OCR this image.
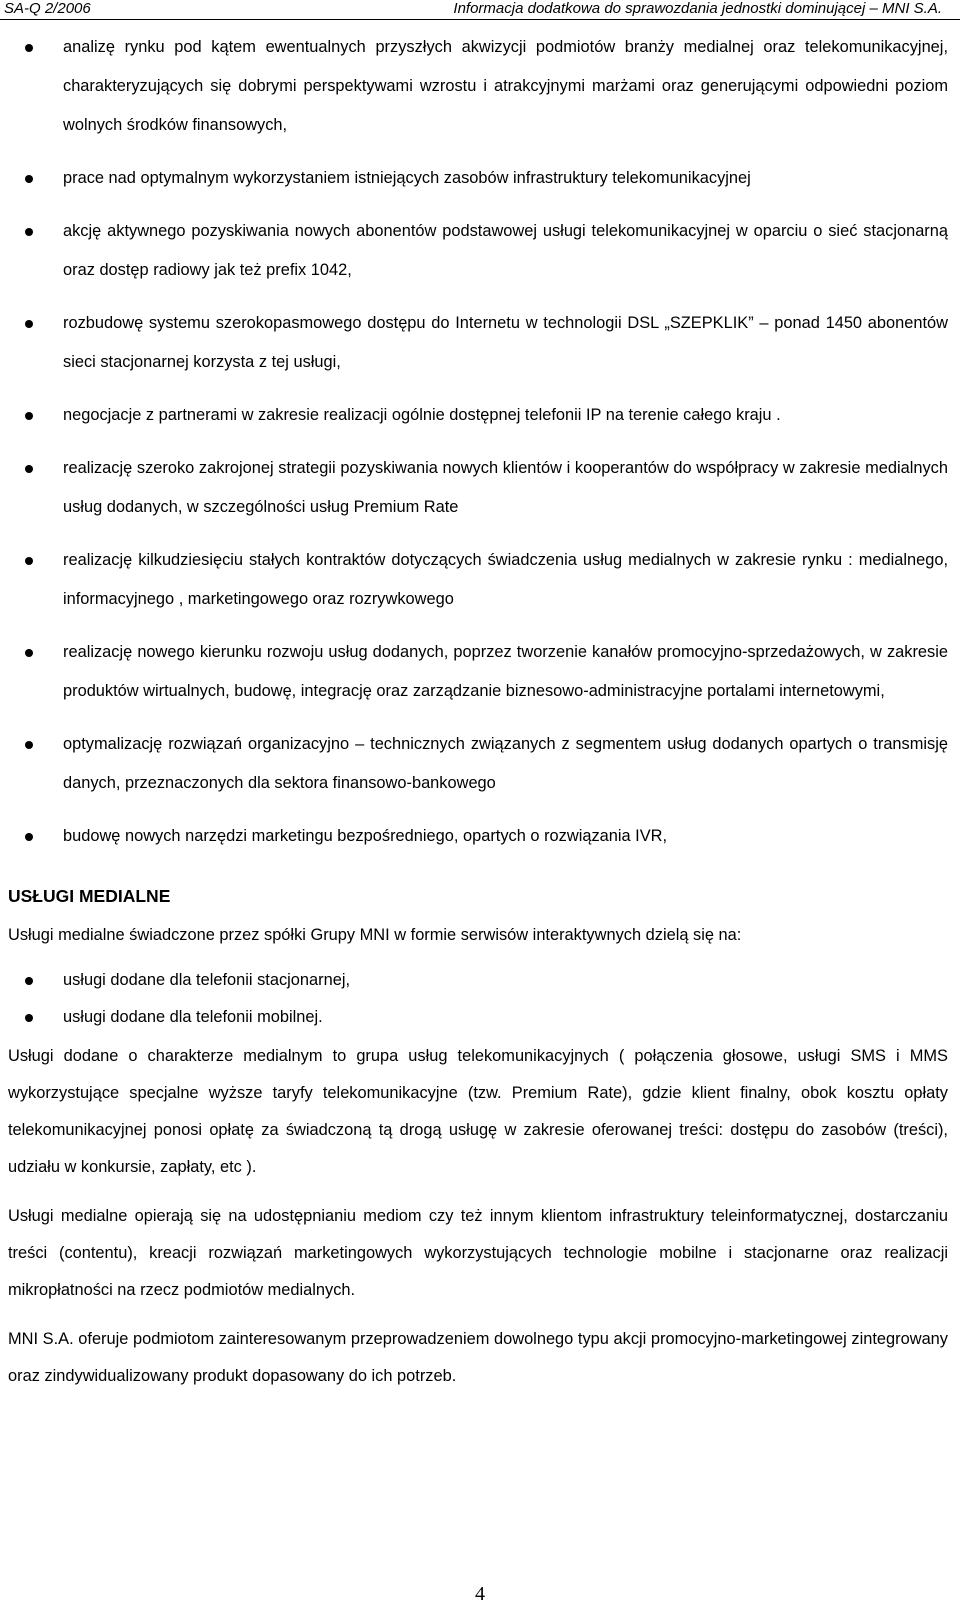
SA-Q 2/2006	Informacja dodatkowa do sprawozdania jednostki dominującej – MNI S.A.
analizę rynku pod kątem ewentualnych przyszłych akwizycji podmiotów branży medialnej oraz telekomunikacyjnej, charakteryzujących się dobrymi perspektywami wzrostu i atrakcyjnymi marżami oraz generującymi odpowiedni poziom wolnych środków finansowych,
prace nad optymalnym wykorzystaniem istniejących zasobów infrastruktury telekomunikacyjnej
akcję aktywnego pozyskiwania nowych abonentów podstawowej usługi telekomunikacyjnej w oparciu o sieć stacjonarną oraz dostęp radiowy jak też prefix 1042,
rozbudowę systemu szerokopasmowego dostępu do Internetu w technologii DSL „SZEPKLIK” – ponad 1450 abonentów sieci stacjonarnej korzysta z tej usługi,
negocjacje z partnerami w zakresie realizacji ogólnie dostępnej telefonii IP na terenie całego kraju .
realizację szeroko zakrojonej strategii pozyskiwania nowych klientów i kooperantów do współpracy w zakresie medialnych usług dodanych, w szczególności usług Premium Rate
realizację kilkudziesięciu stałych kontraktów dotyczących świadczenia usług medialnych w zakresie rynku : medialnego, informacyjnego , marketingowego oraz rozrywkowego
realizację nowego kierunku rozwoju usług dodanych, poprzez tworzenie kanałów promocyjno-sprzedażowych, w zakresie produktów wirtualnych, budowę, integrację oraz zarządzanie biznesowo-administracyjne portalami internetowymi,
optymalizację rozwiązań organizacyjno – technicznych związanych z segmentem usług dodanych opartych o transmisję danych, przeznaczonych dla sektora finansowo-bankowego
budowę nowych narzędzi marketingu bezpośredniego, opartych o rozwiązania IVR,
USŁUGI MEDIALNE

Usługi medialne świadczone przez spółki Grupy MNI w formie serwisów interaktywnych dzielą się na:

usługi dodane dla telefonii stacjonarnej,
usługi dodane dla telefonii mobilnej.

Usługi dodane o charakterze medialnym to grupa usług telekomunikacyjnych ( połączenia głosowe, usługi SMS i MMS wykorzystujące specjalne wyższe taryfy telekomunikacyjne (tzw. Premium Rate), gdzie klient finalny, obok kosztu opłaty telekomunikacyjnej ponosi opłatę za świadczoną tą drogą usługę w zakresie oferowanej treści: dostępu do zasobów (treści), udziału w konkursie, zapłaty, etc ).

Usługi medialne opierają się na udostępnianiu mediom czy też innym klientom infrastruktury teleinformatycznej, dostarczaniu treści (contentu), kreacji rozwiązań marketingowych wykorzystujących technologie mobilne i stacjonarne oraz realizacji mikropłatności na rzecz podmiotów medialnych.

MNI S.A. oferuje podmiotom zainteresowanym przeprowadzeniem dowolnego typu akcji promocyjno-marketingowej zintegrowany oraz zindywidualizowany produkt dopasowany do ich potrzeb.

4
